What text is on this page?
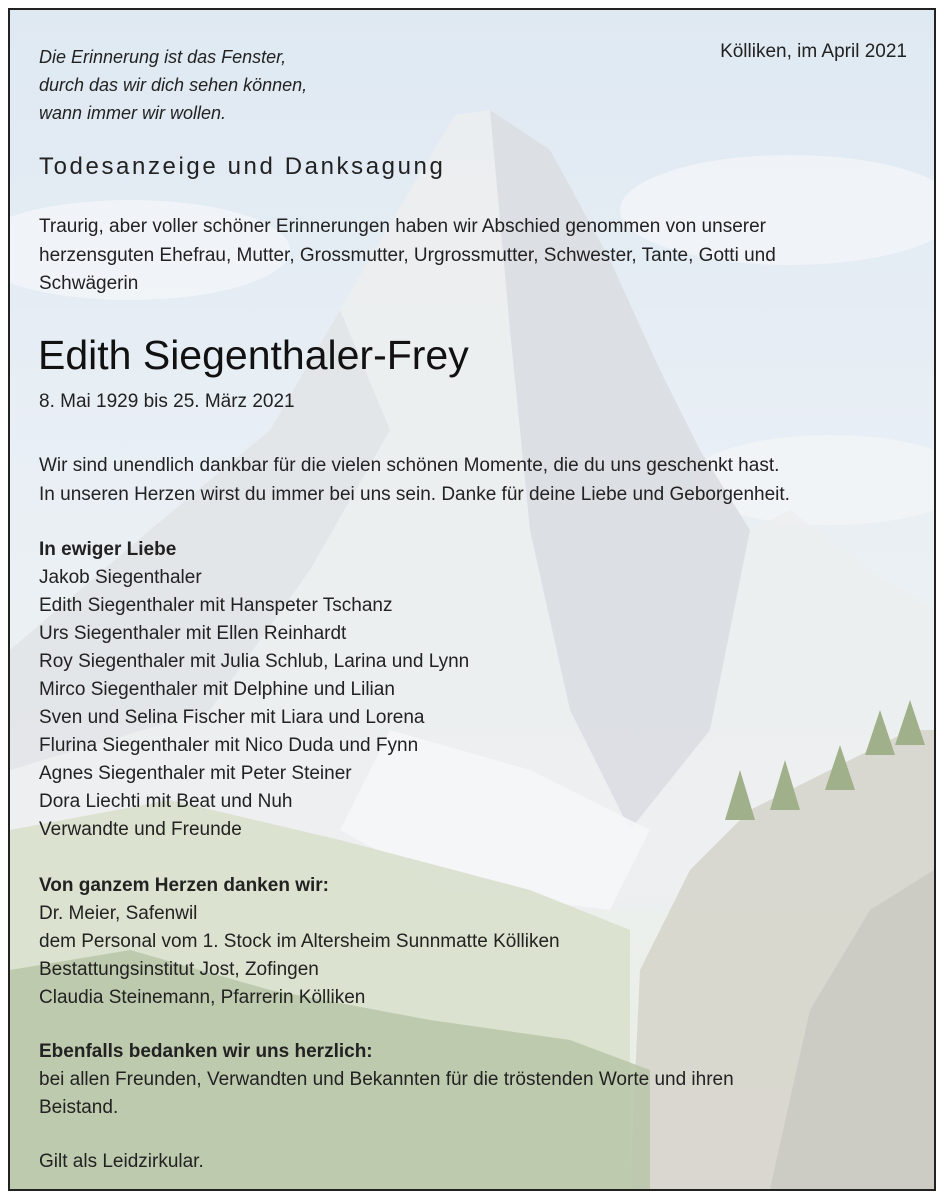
Die Erinnerung ist das Fenster,
durch das wir dich sehen können,
wann immer wir wollen.
Kölliken, im April 2021
Todesanzeige und Danksagung
Traurig, aber voller schöner Erinnerungen haben wir Abschied genommen von unserer
herzensguten Ehefrau, Mutter, Grossmutter, Urgrossmutter, Schwester, Tante, Gotti und
Schwägerin
Edith Siegenthaler-Frey
8. Mai 1929 bis 25. März 2021
Wir sind unendlich dankbar für die vielen schönen Momente, die du uns geschenkt hast.
In unseren Herzen wirst du immer bei uns sein. Danke für deine Liebe und Geborgenheit.
In ewiger Liebe
Jakob Siegenthaler
Edith Siegenthaler mit Hanspeter Tschanz
Urs Siegenthaler mit Ellen Reinhardt
Roy Siegenthaler mit Julia Schlub, Larina und Lynn
Mirco Siegenthaler mit Delphine und Lilian
Sven und Selina Fischer mit Liara und Lorena
Flurina Siegenthaler mit Nico Duda und Fynn
Agnes Siegenthaler mit Peter Steiner
Dora Liechti mit Beat und Nuh
Verwandte und Freunde
Von ganzem Herzen danken wir:
Dr. Meier, Safenwil
dem Personal vom 1. Stock im Altersheim Sunnmatte Kölliken
Bestattungsinstitut Jost, Zofingen
Claudia Steinemann, Pfarrerin Kölliken
Ebenfalls bedanken wir uns herzlich:
bei allen Freunden, Verwandten und Bekannten für die tröstenden Worte und ihren
Beistand.
Gilt als Leidzirkular.
